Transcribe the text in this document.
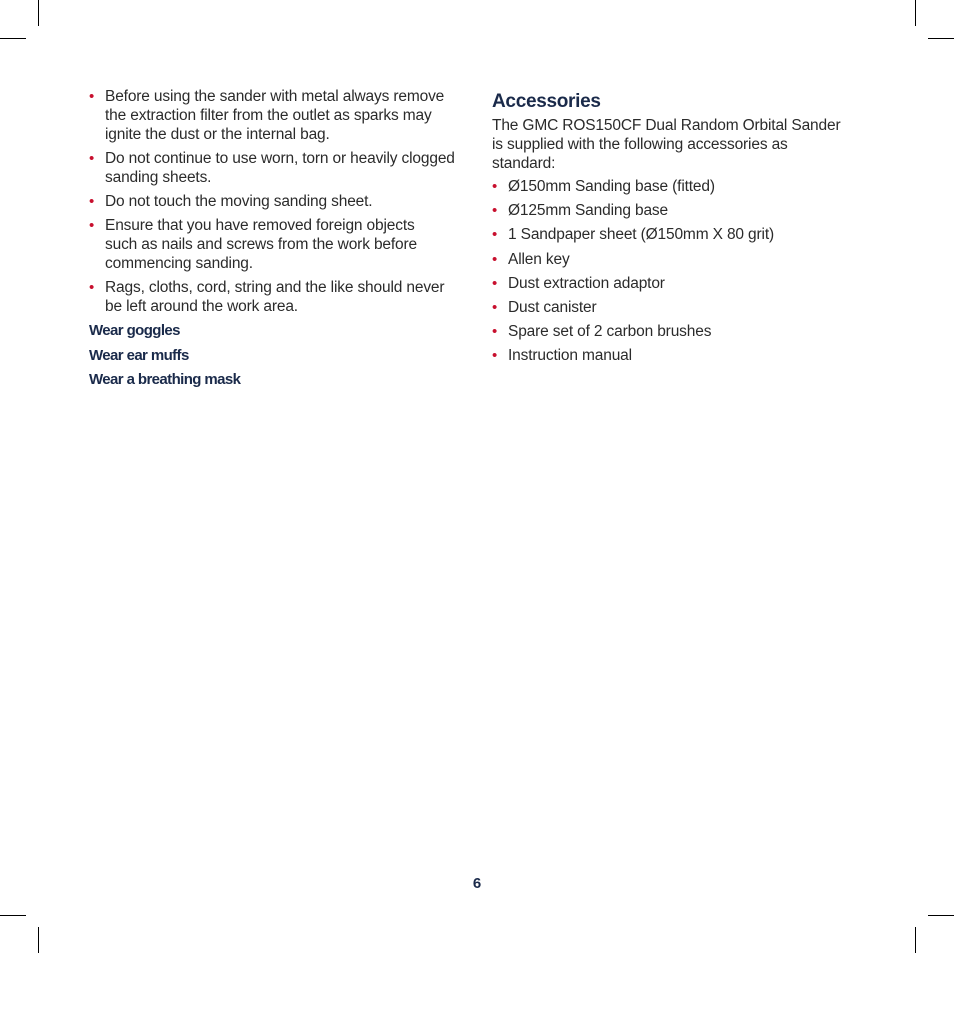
• Before using the sander with metal always remove the extraction filter from the outlet as sparks may ignite the dust or the internal bag.
• Do not continue to use worn, torn or heavily clogged sanding sheets.
• Do not touch the moving sanding sheet.
• Ensure that you have removed foreign objects such as nails and screws from the work before commencing sanding.
• Rags, cloths, cord, string and the like should never be left around the work area.
Wear goggles
Wear ear muffs
Wear a breathing mask
Accessories

The GMC ROS150CF Dual Random Orbital Sander is supplied with the following accessories as standard:

• Ø150mm Sanding base (fitted)
• Ø125mm Sanding base
• 1 Sandpaper sheet (Ø150mm X 80 grit)
• Allen key
• Dust extraction adaptor
• Dust canister
• Spare set of 2 carbon brushes
• Instruction manual
6
